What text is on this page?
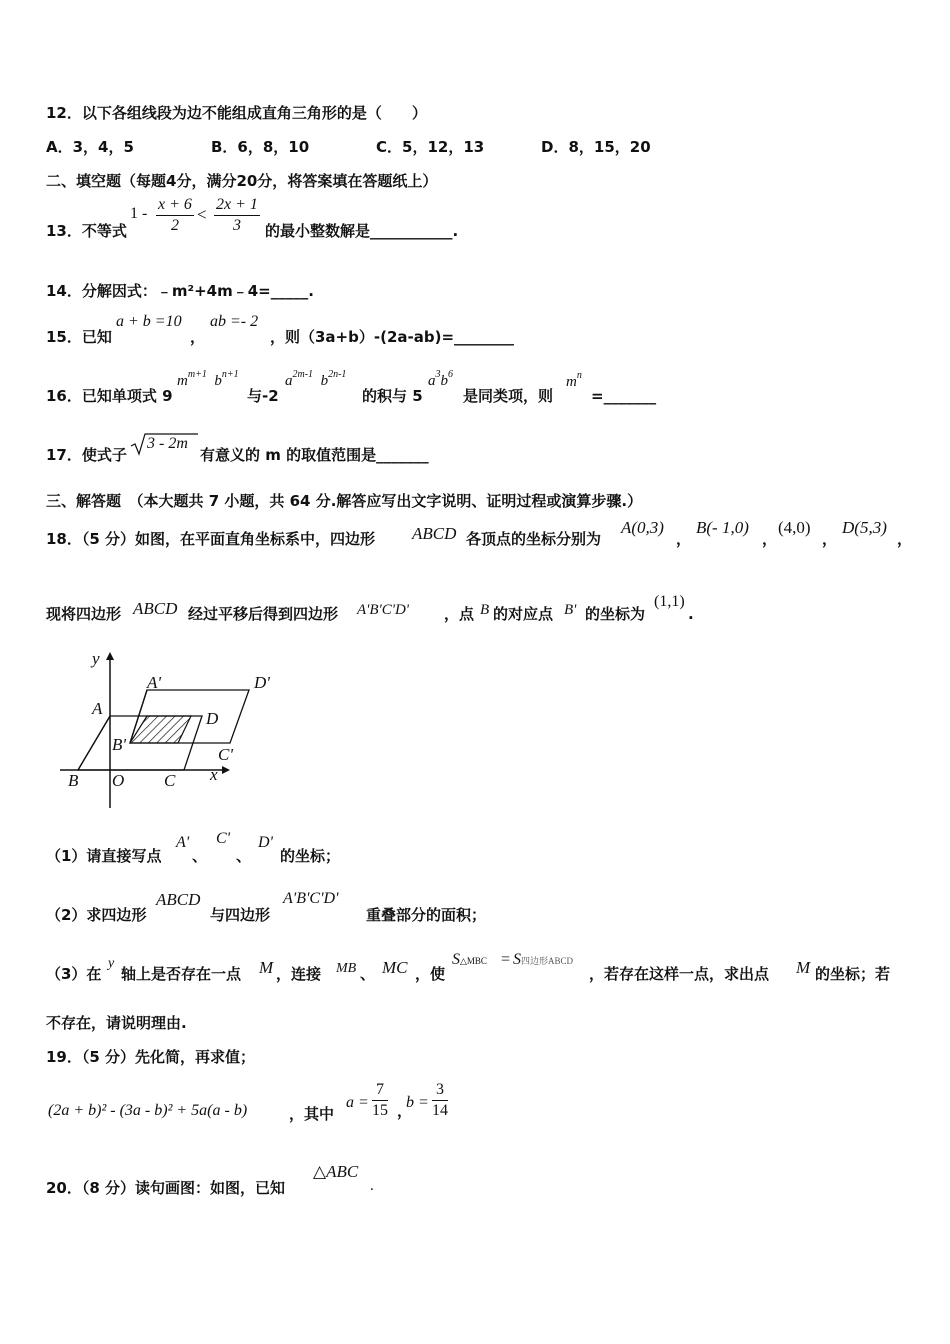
12．以下各组线段为边不能组成直角三角形的是（　　）
A．3，4，5	B．6，8，10	C．5，12，13	D．8，15，20
二、填空题（每题4分，满分20分，将答案填在答题纸上）
13．不等式
$1 - \frac{x + 6}{2} < \frac{2x + 1}{3}$ 的最小整数解是___________.
14．分解因式：﹣m²+4m﹣4=_____.
15．已知
a + b =10
，
ab =- 2
，则（3a+b）-(2a-ab)=________
16．已知单项式 9
$m^{m+1}$ $b^{n+1}$
与-2
$a^{2m-1}$ $b^{2n-1}$
的积与 5
$a^3b^6$
是同类项，则
$m^n$
=_______
17．使式子
3 - 2m
有意义的 m 的取值范围是_______
三、解答题　（本大题共 7 小题，共 64 分.解答应写出文字说明、证明过程或演算步骤.）
18．（5 分）如图，在平面直角坐标系中，四边形 ABCD 各顶点的坐标分别为
A(0,3)
，
B(- 1,0)
，
(4,0)
，
D(5,3)
，
现将四边形 ABCD 经过平移后得到四边形 A'B'C'D' ，点 B 的对应点 B' 的坐标为
(1,1)
.
y
A'	D'
A
D
B'
C'
B O C x
（1）请直接写点
A'
、
C'
、
D'
的坐标；
（2）求四边形
ABCD
与四边形
A'B'C'D'
重叠部分的面积；
（3）在
y
轴上是否存在一点 M ，连接 MB 、 MC ，使
S△MBC = S四边形ABCD
，若存在这样一点，求出点 M 的坐标；若
不存在，请说明理由.
19．（5 分）先化简，再求值；
(2a + b)² - (3a - b)² + 5a(a - b)	，其中
$a = \frac{7}{15}$ ，
$b = \frac{3}{14}$
20．（8 分）读句画图：如图，已知
△ABC
.
